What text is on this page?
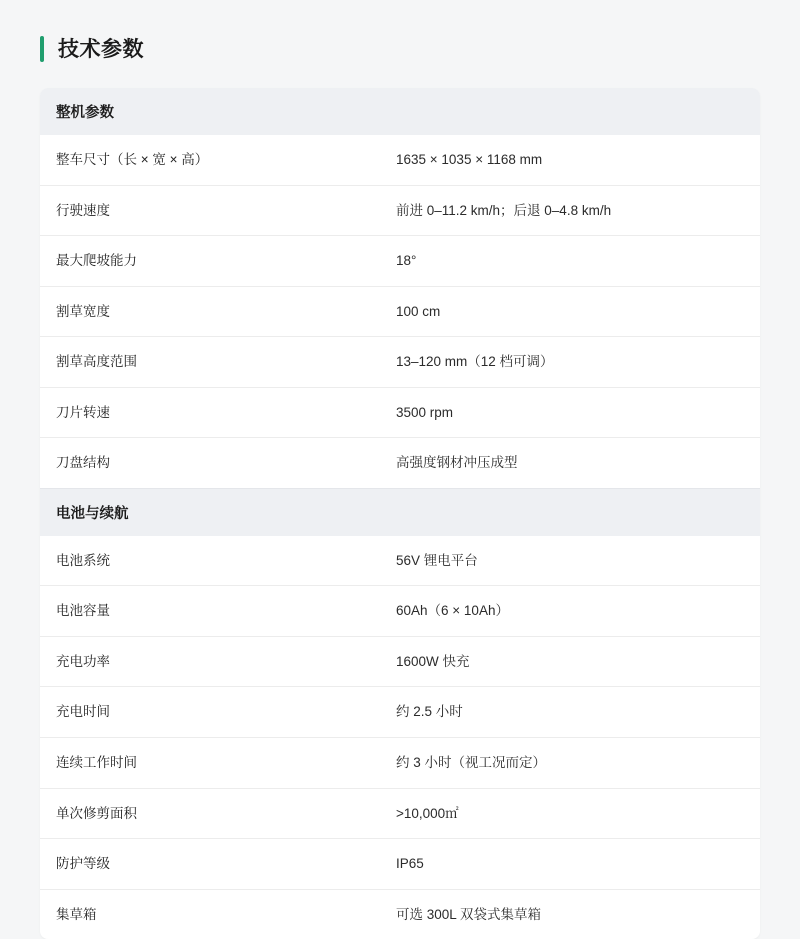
技术参数
整机参数
整车尺寸（长 × 宽 × 高）	1635 × 1035 × 1168 mm
行驶速度	前进 0–11.2 km/h；后退 0–4.8 km/h
最大爬坡能力	18°
割草宽度	100 cm
割草高度范围	13–120 mm（12 档可调）
刀片转速	3500 rpm
刀盘结构	高强度钢材冲压成型
电池与续航
电池系统	56V 锂电平台
电池容量	60Ah（6 × 10Ah）
充电功率	1600W 快充
充电时间	约 2.5 小时
连续工作时间	约 3 小时（视工况而定）
单次修剪面积	>10,000㎡
防护等级	IP65
集草箱	可选 300L 双袋式集草箱
